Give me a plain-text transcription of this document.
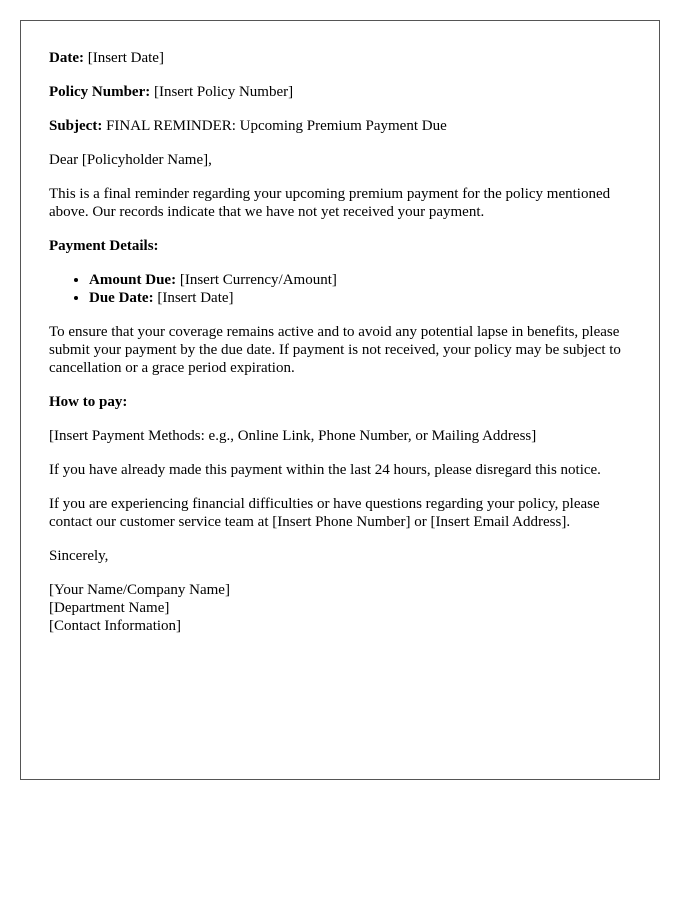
Date: [Insert Date]

Policy Number: [Insert Policy Number]

Subject: FINAL REMINDER: Upcoming Premium Payment Due

Dear [Policyholder Name],

This is a final reminder regarding your upcoming premium payment for the policy mentioned above. Our records indicate that we have not yet received your payment.

Payment Details:

• Amount Due: [Insert Currency/Amount]
• Due Date: [Insert Date]

To ensure that your coverage remains active and to avoid any potential lapse in benefits, please submit your payment by the due date. If payment is not received, your policy may be subject to cancellation or a grace period expiration.

How to pay:

[Insert Payment Methods: e.g., Online Link, Phone Number, or Mailing Address]

If you have already made this payment within the last 24 hours, please disregard this notice.

If you are experiencing financial difficulties or have questions regarding your policy, please contact our customer service team at [Insert Phone Number] or [Insert Email Address].

Sincerely,

[Your Name/Company Name]
[Department Name]
[Contact Information]
